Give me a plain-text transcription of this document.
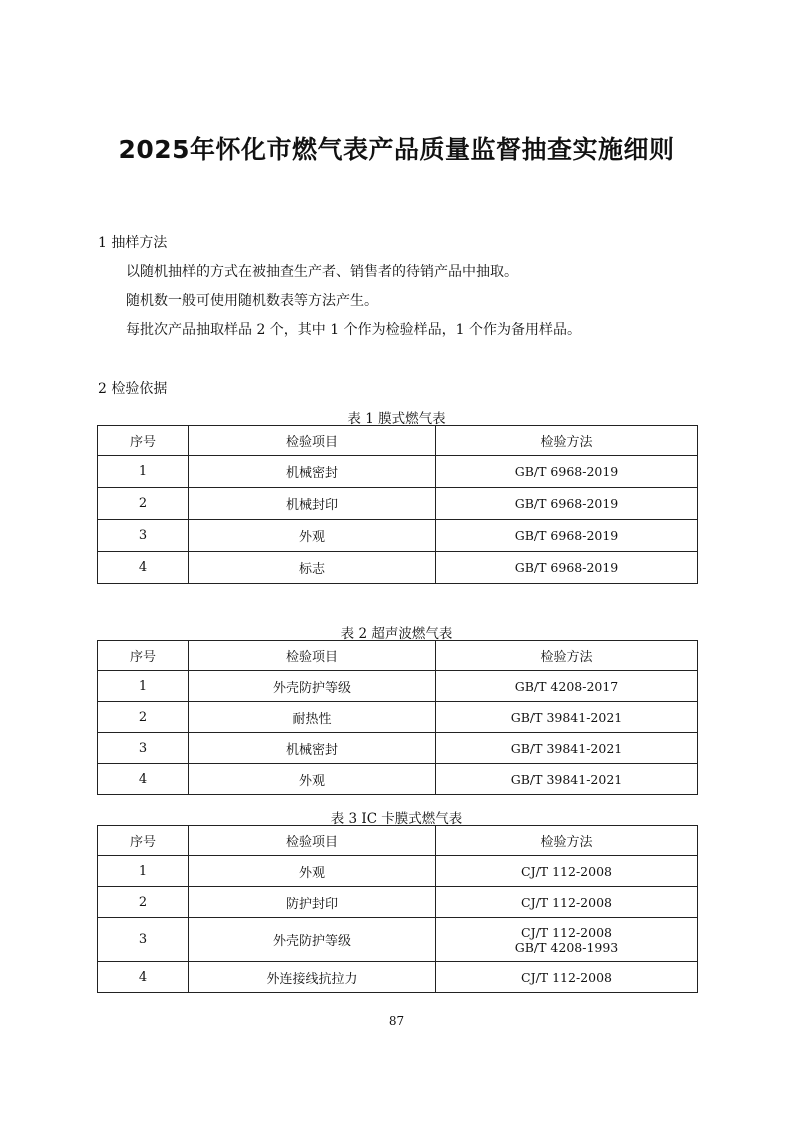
2025年怀化市燃气表产品质量监督抽查实施细则
1 抽样方法
以随机抽样的方式在被抽查生产者、销售者的待销产品中抽取。
随机数一般可使用随机数表等方法产生。
每批次产品抽取样品 2 个，其中 1 个作为检验样品，1 个作为备用样品。
2 检验依据
表 1 膜式燃气表
序号	检验项目	检验方法
1	机械密封	GB/T 6968-2019
2	机械封印	GB/T 6968-2019
3	外观	GB/T 6968-2019
4	标志	GB/T 6968-2019
表 2 超声波燃气表
序号	检验项目	检验方法
1	外壳防护等级	GB/T 4208-2017
2	耐热性	GB/T 39841-2021
3	机械密封	GB/T 39841-2021
4	外观	GB/T 39841-2021
表 3 IC 卡膜式燃气表
序号	检验项目	检验方法
1	外观	CJ/T 112-2008
2	防护封印	CJ/T 112-2008
3	外壳防护等级	CJ/T 112-2008
GB/T 4208-1993

4	外连接线抗拉力	CJ/T 112-2008
87
